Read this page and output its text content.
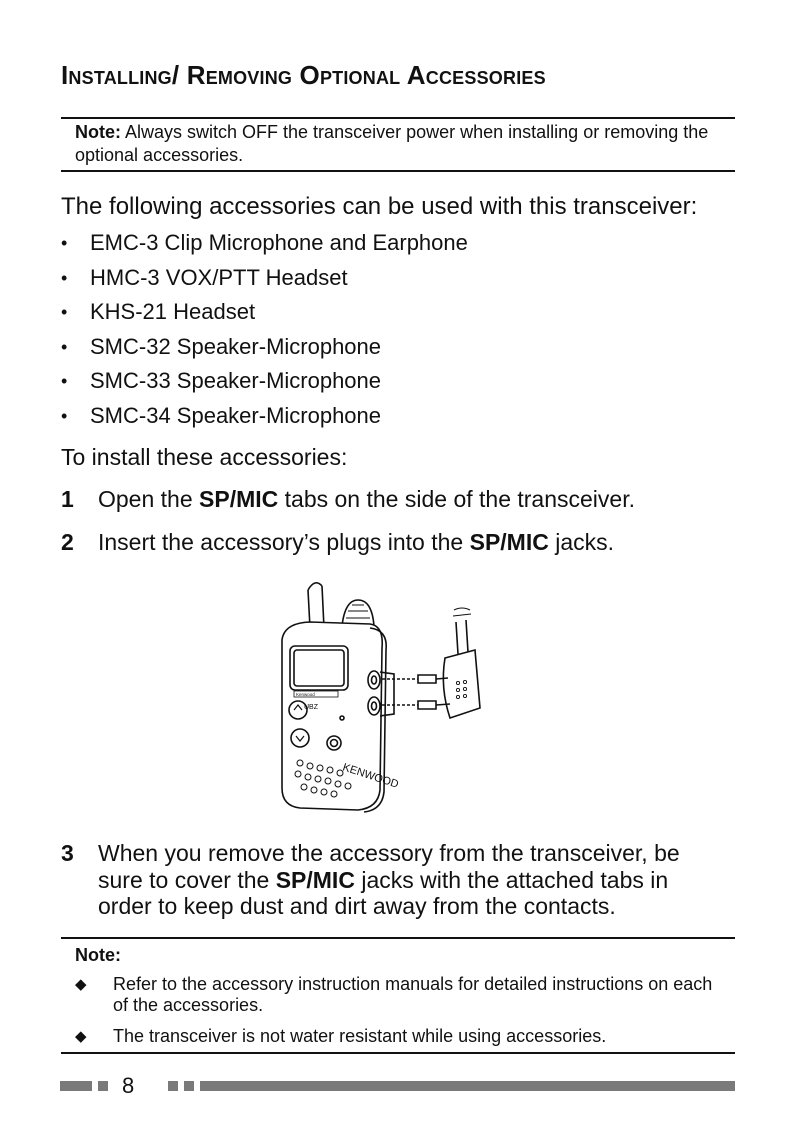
Installing/ Removing Optional Accessories
Note: Always switch OFF the transceiver power when installing or removing the optional accessories.
The following accessories can be used with this transceiver:
• EMC-3 Clip Microphone and Earphone
• HMC-3 VOX/PTT Headset
• KHS-21 Headset
• SMC-32 Speaker-Microphone
• SMC-33 Speaker-Microphone
• SMC-34 Speaker-Microphone
To install these accessories:
1 Open the SP/MIC tabs on the side of the transceiver.
2 Insert the accessory’s plugs into the SP/MIC jacks.
KENWOOD
UBZ
Kenwood
3 When you remove the accessory from the transceiver, be sure to cover the SP/MIC jacks with the attached tabs in order to keep dust and dirt away from the contacts.
Note:
◆ Refer to the accessory instruction manuals for detailed instructions on each of the accessories.
◆ The transceiver is not water resistant while using accessories.
8
